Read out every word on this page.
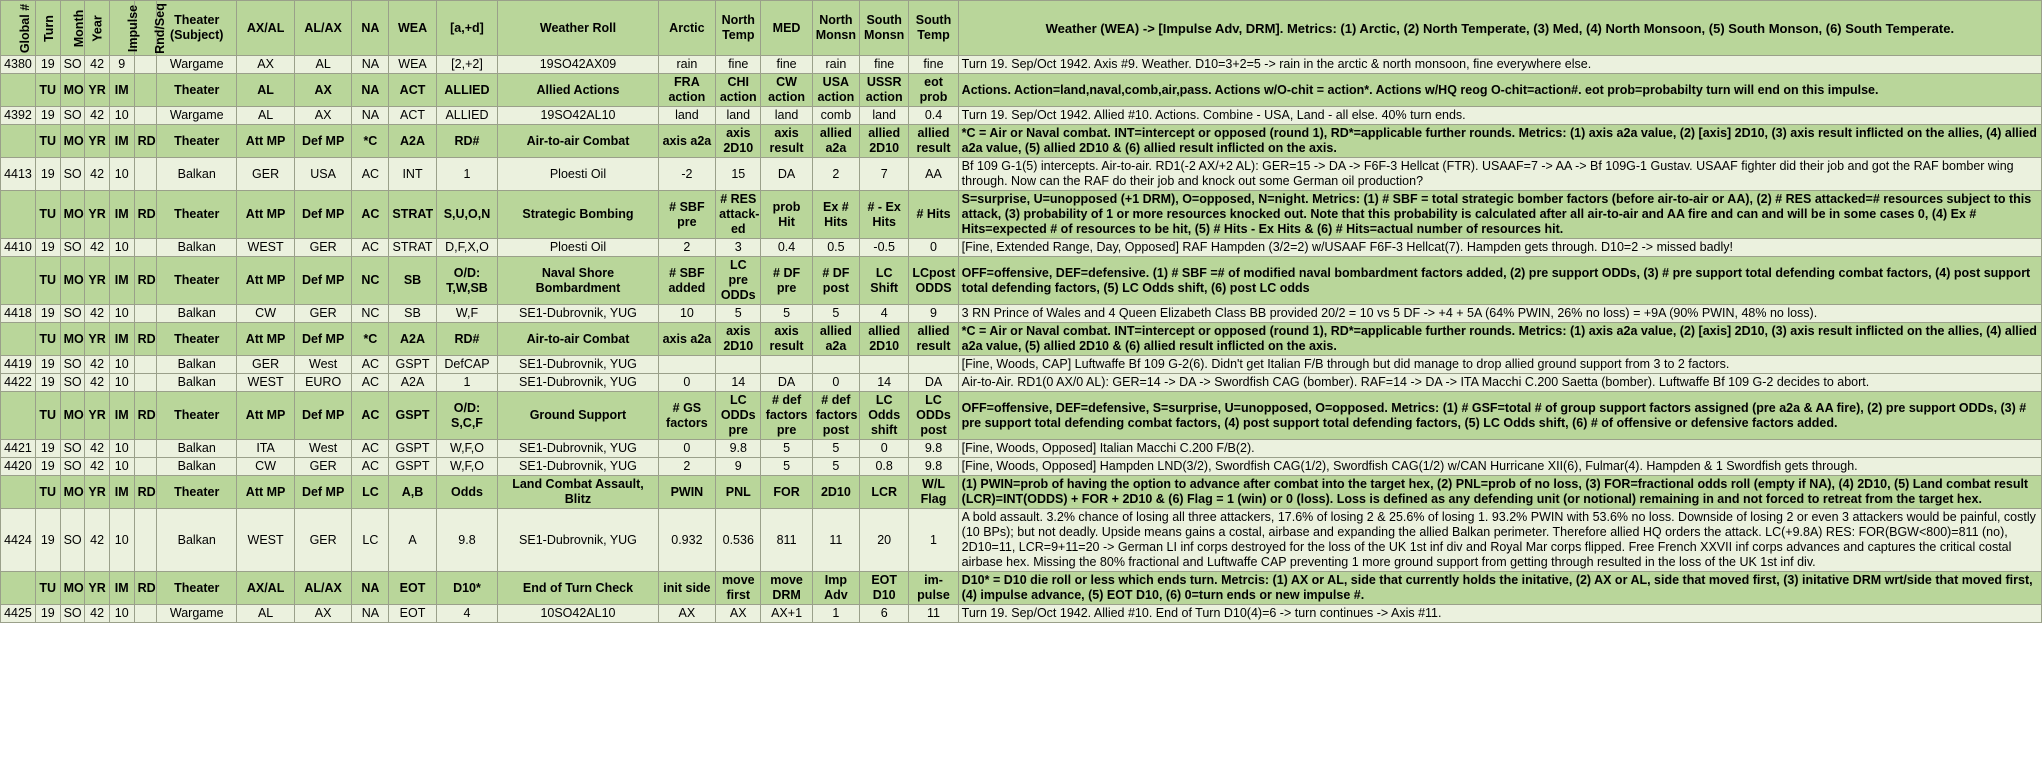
Global #	Turn	Month	Year	Impulse	Rnd/Seq	Theater (Subject)	AX/AL	AL/AX	NA	WEA	[a,+d]	Weather Roll	Arctic	North Temp	MED	North Monsn	South Monsn	South Temp	Weather (WEA) -> [Impulse Adv, DRM]. Metrics: (1) Arctic, (2) North Temperate, (3) Med, (4) North Monsoon, (5) South Monson, (6) South Temperate.
4380	19	SO	42	9		Wargame	AX	AL	NA	WEA	[2,+2]	19SO42AX09	rain	fine	fine	rain	fine	fine	Turn 19. Sep/Oct 1942. Axis #9. Weather. D10=3+2=5 -> rain in the arctic & north monsoon, fine everywhere else.
	TU	MO	YR	IM		Theater	AL	AX	NA	ACT	ALLIED	Allied Actions	FRA action	CHI action	CW action	USA action	USSR action	eot prob	Actions. Action=land,naval,comb,air,pass. Actions w/O-chit = action*. Actions w/HQ reog O-chit=action#. eot prob=probabilty turn will end on this impulse.
4392	19	SO	42	10		Wargame	AL	AX	NA	ACT	ALLIED	19SO42AL10	land	land	land	comb	land	0.4	Turn 19. Sep/Oct 1942. Allied #10. Actions. Combine - USA, Land - all else. 40% turn ends.
	TU	MO	YR	IM	RD	Theater	Att MP	Def MP	*C	A2A	RD#	Air-to-air Combat	axis a2a	axis 2D10	axis result	allied a2a	allied 2D10	allied result	*C = Air or Naval combat. INT=intercept or opposed (round 1), RD*=applicable further rounds. Metrics: (1) axis a2a value, (2) [axis] 2D10, (3) axis result inflicted on the allies, (4) allied a2a value, (5) allied 2D10 & (6) allied result inflicted on the axis.
4413	19	SO	42	10		Balkan	GER	USA	AC	INT	1	Ploesti Oil	-2	15	DA	2	7	AA	Bf 109 G-1(5) intercepts. Air-to-air. RD1(-2 AX/+2 AL): GER=15 -> DA -> F6F-3 Hellcat (FTR). USAAF=7 -> AA -> Bf 109G-1 Gustav. USAAF fighter did their job and got the RAF bomber wing through. Now can the RAF do their job and knock out some German oil production?
	TU	MO	YR	IM	RD	Theater	Att MP	Def MP	AC	STRAT	S,U,O,N	Strategic Bombing	# SBF pre	# RES attack-ed	prob Hit	Ex # Hits	# - Ex Hits	# Hits	S=surprise, U=unopposed (+1 DRM), O=opposed, N=night. Metrics: (1) # SBF = total strategic bomber factors (before air-to-air or AA), (2) # RES attacked=# resources subject to this attack, (3) probability of 1 or more resources knocked out. Note that this probability is calculated after all air-to-air and AA fire and can and will be in some cases 0, (4) Ex # Hits=expected # of resources to be hit, (5) # Hits - Ex Hits & (6) # Hits=actual number of resources hit.
4410	19	SO	42	10		Balkan	WEST	GER	AC	STRAT	D,F,X,O	Ploesti Oil	2	3	0.4	0.5	-0.5	0	[Fine, Extended Range, Day, Opposed] RAF Hampden (3/2=2) w/USAAF F6F-3 Hellcat(7). Hampden gets through. D10=2 -> missed badly!
	TU	MO	YR	IM	RD	Theater	Att MP	Def MP	NC	SB	O/D: T,W,SB	Naval Shore Bombardment	# SBF added	LC pre ODDs	# DF pre	# DF post	LC Shift	LCpost ODDS	OFF=offensive, DEF=defensive. (1) # SBF =# of modified naval bombardment factors added, (2) pre support ODDs, (3) # pre support total defending combat factors, (4) post support total defending factors, (5) LC Odds shift, (6) post LC odds
4418	19	SO	42	10		Balkan	CW	GER	NC	SB	W,F	SE1-Dubrovnik, YUG	10	5	5	5	4	9	3 RN Prince of Wales and 4 Queen Elizabeth Class BB provided 20/2 = 10 vs 5 DF -> +4 + 5A (64% PWIN, 26% no loss) = +9A (90% PWIN, 48% no loss).
	TU	MO	YR	IM	RD	Theater	Att MP	Def MP	*C	A2A	RD#	Air-to-air Combat	axis a2a	axis 2D10	axis result	allied a2a	allied 2D10	allied result	*C = Air or Naval combat. INT=intercept or opposed (round 1), RD*=applicable further rounds. Metrics: (1) axis a2a value, (2) [axis] 2D10, (3) axis result inflicted on the allies, (4) allied a2a value, (5) allied 2D10 & (6) allied result inflicted on the axis.
4419	19	SO	42	10		Balkan	GER	West	AC	GSPT	DefCAP	SE1-Dubrovnik, YUG							[Fine, Woods, CAP] Luftwaffe Bf 109 G-2(6). Didn't get Italian F/B through but did manage to drop allied ground support from 3 to 2 factors.
4422	19	SO	42	10		Balkan	WEST	EURO	AC	A2A	1	SE1-Dubrovnik, YUG	0	14	DA	0	14	DA	Air-to-Air. RD1(0 AX/0 AL): GER=14 -> DA -> Swordfish CAG (bomber). RAF=14 -> DA -> ITA Macchi C.200 Saetta (bomber). Luftwaffe Bf 109 G-2 decides to abort.
	TU	MO	YR	IM	RD	Theater	Att MP	Def MP	AC	GSPT	O/D: S,C,F	Ground Support	# GS factors	LC ODDs pre	# def factors pre	# def factors post	LC Odds shift	LC ODDs post	OFF=offensive, DEF=defensive, S=surprise, U=unopposed, O=opposed. Metrics: (1) # GSF=total # of group support factors assigned (pre a2a & AA fire), (2) pre support ODDs, (3) # pre support total defending combat factors, (4) post support total defending factors, (5) LC Odds shift, (6) # of offensive or defensive factors added.
4421	19	SO	42	10		Balkan	ITA	West	AC	GSPT	W,F,O	SE1-Dubrovnik, YUG	0	9.8	5	5	0	9.8	[Fine, Woods, Opposed] Italian Macchi C.200 F/B(2).
4420	19	SO	42	10		Balkan	CW	GER	AC	GSPT	W,F,O	SE1-Dubrovnik, YUG	2	9	5	5	0.8	9.8	[Fine, Woods, Opposed] Hampden LND(3/2), Swordfish CAG(1/2), Swordfish CAG(1/2) w/CAN Hurricane XII(6), Fulmar(4). Hampden & 1 Swordfish gets through.
	TU	MO	YR	IM	RD	Theater	Att MP	Def MP	LC	A,B	Odds	Land Combat Assault, Blitz	PWIN	PNL	FOR	2D10	LCR	W/L Flag	(1) PWIN=prob of having the option to advance after combat into the target hex, (2) PNL=prob of no loss, (3) FOR=fractional odds roll (empty if NA), (4) 2D10, (5) Land combat result (LCR)=INT(ODDS) + FOR + 2D10 & (6) Flag = 1 (win) or 0 (loss). Loss is defined as any defending unit (or notional) remaining in and not forced to retreat from the target hex.
4424	19	SO	42	10		Balkan	WEST	GER	LC	A	9.8	SE1-Dubrovnik, YUG	0.932	0.536	811	11	20	1	A bold assault. 3.2% chance of losing all three attackers, 17.6% of losing 2 & 25.6% of losing 1. 93.2% PWIN with 53.6% no loss. Downside of losing 2 or even 3 attackers would be painful, costly (10 BPs); but not deadly. Upside means gains a costal, airbase and expanding the allied Balkan perimeter. Therefore allied HQ orders the attack. LC(+9.8A) RES: FOR(BGW<800)=811 (no), 2D10=11, LCR=9+11=20 -> German LI inf corps destroyed for the loss of the UK 1st inf div and Royal Mar corps flipped. Free French XXVII inf corps advances and captures the critical costal airbase hex. Missing the 80% fractional and Luftwaffe CAP preventing 1 more ground support from getting through resulted in the loss of the UK 1st inf div.
	TU	MO	YR	IM	RD	Theater	AX/AL	AL/AX	NA	EOT	D10*	End of Turn Check	init side	move first	move DRM	Imp Adv	EOT D10	im-pulse	D10* = D10 die roll or less which ends turn. Metrcis: (1) AX or AL, side that currently holds the initative, (2) AX or AL, side that moved first, (3) initative DRM wrt/side that moved first, (4) impulse advance, (5) EOT D10, (6) 0=turn ends or new impulse #.
4425	19	SO	42	10		Wargame	AL	AX	NA	EOT	4	10SO42AL10	AX	AX	AX+1	1	6	11	Turn 19. Sep/Oct 1942. Allied #10. End of Turn D10(4)=6 -> turn continues -> Axis #11.
